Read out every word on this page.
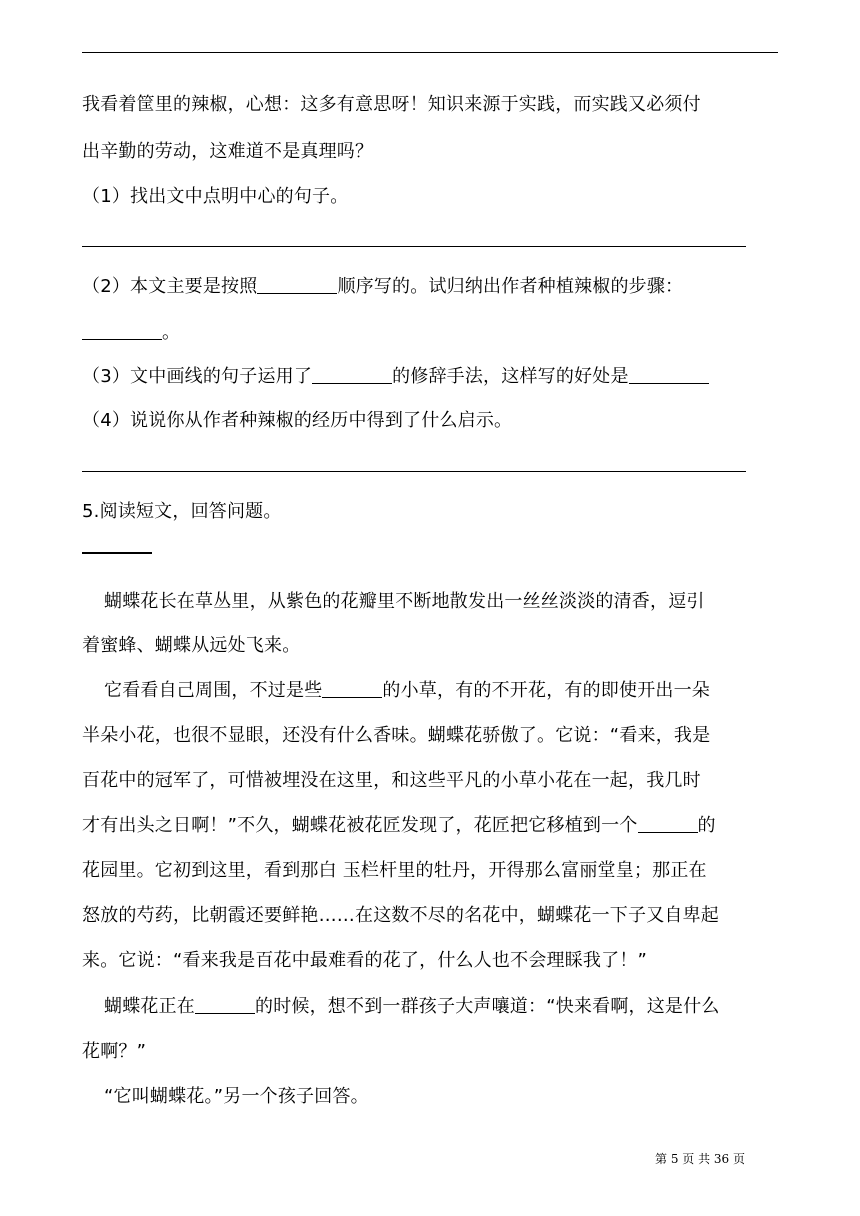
我看着筐里的辣椒，心想：这多有意思呀！知识来源于实践，而实践又必须付
出辛勤的劳动，这难道不是真理吗？
（1）找出文中点明中心的句子。
（2）本文主要是按照	顺序写的。试归纳出作者种植辣椒的步骤：
。
（3）文中画线的句子运用了	的修辞手法，这样写的好处是
（4）说说你从作者种辣椒的经历中得到了什么启示。
5.阅读短文，回答问题。
蝴蝶花长在草丛里，从紫色的花瓣里不断地散发出一丝丝淡淡的清香，逗引
着蜜蜂、蝴蝶从远处飞来。
它看看自己周围，不过是些	的小草，有的不开花，有的即使开出一朵
半朵小花，也很不显眼，还没有什么香味。蝴蝶花骄傲了。它说：“看来，我是
百花中的冠军了，可惜被埋没在这里，和这些平凡的小草小花在一起，我几时
才有出头之日啊！”不久，蝴蝶花被花匠发现了，花匠把它移植到一个	的
花园里。它初到这里，看到那白 玉栏杆里的牡丹，开得那么富丽堂皇；那正在
怒放的芍药，比朝霞还要鲜艳……在这数不尽的名花中，蝴蝶花一下子又自卑起
来。它说：“看来我是百花中最难看的花了，什么人也不会理睬我了！”
蝴蝶花正在	的时候，想不到一群孩子大声嚷道：“快来看啊，这是什么
花啊？”
“它叫蝴蝶花。”另一个孩子回答。
第 5 页 共 36 页
